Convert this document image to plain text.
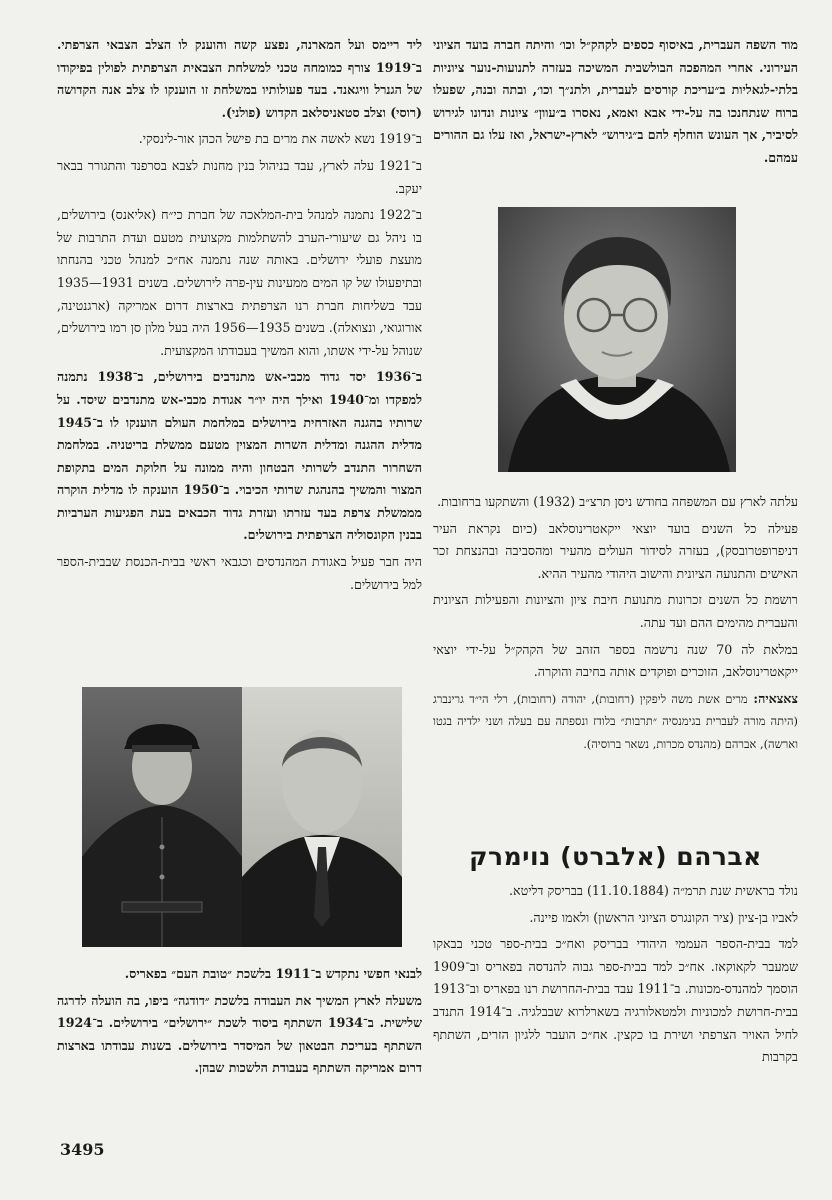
מוד השפה העברית, באיסוף כספים לקהק״ל וכו׳ והיתה חברה בועד הציוני העירוני. אחרי המהפכה הבולשבית המשיכה בעזרה לתנועות-נוער ציוניות בלתי-לגאליות ב״עריכת קורסים לעברית, ולתנ״ך וכו׳, ובתה ובנה, שפעלו ברוח שנתחנכו בה על-ידי אבא ואמא, נאסרו ב״עוון״ ציונות ונדונו לגירוש לסיביר, אך העונש הוחלף להם ב״גירוש״ לארץ-ישראל, ואז עלו גם ההורים עמהם.

עלתה לארץ עם המשפחה בחודש ניסן תרצ״ב (1932) והשתקעו ברחובות.

פעילה כל השנים בועד יוצאי ייקאטרינוסלאב (כיום נקראת העיר דניפרופטרובסק), בעזרה לסידור העולים מהעיר ומהסביבה ובהנצחת זכר האישים והתנועה הציונית והישוב היהודי מהעיר ההיא.

רושמת כל השנים זכרונות מתנועת חיבת ציון והציונות והפעילות הציונית והעברית מהימים ההם ועד עתה.

במלאת לה 70 שנה נרשמה בספר הזהב של הקהק״ל על-ידי יוצאי ייקאטרינוסלאב, הזוכרים ופוקדים אותה בחיבה והוקרה.

צאצאיה: מרים אשת משה ליפקין (רחובות), יהודה (רחובות), רלי הי״ד גרינברג (היתה מורה לעברית בגימנסיה ״תרבות״ בלודז ונספתה עם בעלה ושני ילדיה בגטו וארשה), אברהם (מהנדס מכרות, נשאר ברוסיה).

אברהם (אלברט) נוימרק

נולד בראשית שנת תרמ״ה (11.10.1884) בבריסק דליטא.

לאביו בן-ציון (ציר הקונגרס הציוני הראשון) ולאמו פיינה.

למד בבית-הספר העממי היהודי בבריסק ואח״כ בבית-ספר טכני בבאקו שמעבר לקאוקאז. אח״כ למד בבית-ספר גבוה להנדסה בפאריס וב־1909 הוסמך למהנדס-מכונות. ב־1911 עבד בבית-החרושת רנו בפאריס וב־1913 בבית-חרושת למכוניות ולמטאלורגיה בשארלרוא שבבלגיה. ב־1914 התנדב לחיל האויר הצרפתי ושירת בו כקצין. אח״כ הועבר ללגיון הזרים, השתתף בקרבות

ליד ריימס ועל המארנה, נפצע קשה והוענק לו הצלב הצבאי הצרפתי. ב־1919 צורף כמומחה טכני למשלחת הצבאית הצרפתית לפולין בפיקודו של הגנרל וויגאנד. בעד פעולותיו במשלחת זו הוענקו לו צלב אנה הקדושה (רוסי) וצלב סטאניסלאב הקדוש (פולני).

ב־1919 נשא לאשה את מרים בת פישל הכהן אור-לינסקי.

ב־1921 עלה לארץ, עבד בניהול בנין מחנות לצבא בסרפנד והתגורר בבאר יעקב.

ב־1922 נתמנה למנהל בית-המלאכה של חברת כי״ח (אליאנס) בירושלים, בו ניהל גם שיעורי-הערב להשתלמות מקצועית מטעם ועדת התרבות של מועצת פועלי ירושלים. באותה שנה נתמנה אח״כ למנהל טכני בהנחתו ובתיפעולו של קו המים ממעינות עין-פרה לירושלים. בשנים 1931—1935 עבד בשליחות חברת רנו הצרפתית בארצות דרום אמריקה (ארגנטינה, אורוגואי, ונצואלה). בשנים 1935—1956 היה בעל מלון סן רמו בירושלים, שנוהל על-ידי אשתו, והוא המשיך בעבודתו המקצועית.

ב־1936 יסד גדוד מכבי-אש מתנדבים בירושלים, ב־1938 נתמנה למפקדו ומ־1940 ואילך היה יו״ר אגודת מכבי-אש מתנדבים שיסד. על שרותיו בהגנה האזרחית בירושלים במלחמת העולם הוענקו לו ב־1945 מדלית ההגנה ומדלית השרות המצוין מטעם ממשלת בריטניה. במלחמת השחרור התנדב לשרותי הבטחון והיה ממונה על חלוקת המים בתקופת המצור והמשיך בהנהגת שרותי הכיבוי. ב־1950 הוענקה לו מדלית הוקרה מממשלת צרפת בעד עזרתו ועזרת גדוד הכבאים בעת הפגיעות הערביות בבנין הקונסוליה הצרפתית בירושלים.

היה חבר פעיל באגודת המהנדסים וכגבאי ראשי בבית-הכנסת שבבית-הספר למל בירושלים.

לבנאי חפשי נתקדש ב־1911 בלשכת ״טובת העם״ בפאריס.

משעלה לארץ המשיך את העבודה בלשכת ״דודגה״ ביפו, בה הועלה לדרגה שלישית. ב־1934 השתתף ביסוד לשכת ״ירושלים״ בירושלים. ב־1924 השתתף בעריכת הבטאון של המיסדר בירושלים. בשנות עבודתו בארצות דרום אמריקה השתתף בעבודת הלשכות שבהן.

3495
